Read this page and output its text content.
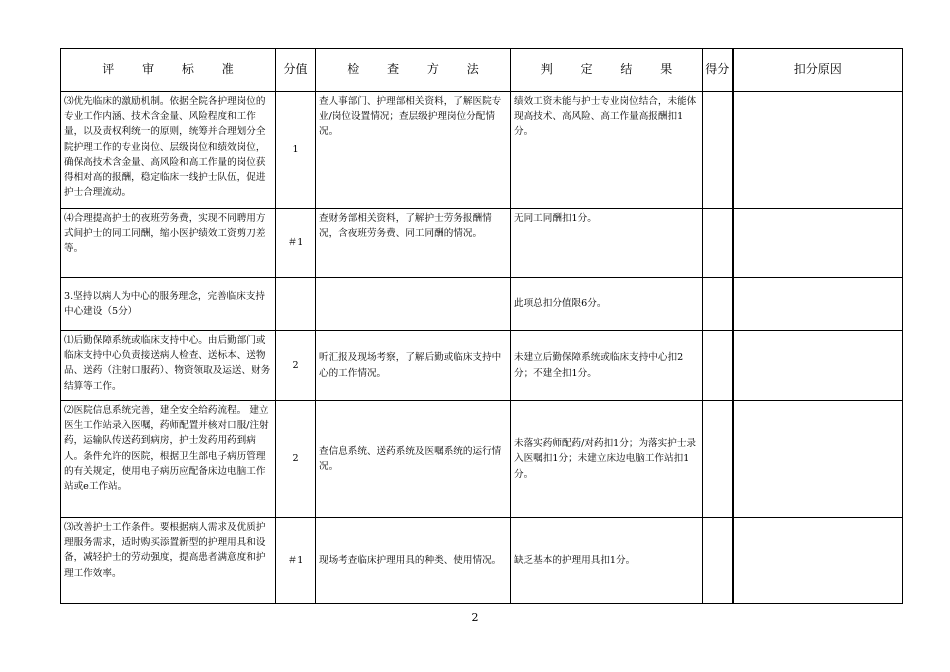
评 审 标 准	分值	检 查 方 法	判 定 结 果	得分	扣分原因
⑶优先临床的激励机制。依据全院各护理岗位的专业工作内涵、技术含金量、风险程度和工作量，以及责权利统一的原则，统筹并合理划分全院护理工作的专业岗位、层级岗位和绩效岗位，确保高技术含金量、高风险和高工作量的岗位获得相对高的报酬，稳定临床一线护士队伍，促进护士合理流动。	1	查人事部门、护理部相关资料，了解医院专业/岗位设置情况；查层级护理岗位分配情况。	绩效工资未能与护士专业岗位结合，未能体现高技术、高风险、高工作量高报酬扣1分。		
⑷合理提高护士的夜班劳务费，实现不同聘用方式间护士的同工同酬，缩小医护绩效工资剪刀差等。	＃1	查财务部相关资料，了解护士劳务报酬情况，含夜班劳务费、同工同酬的情况。	无同工同酬扣1分。		
3.坚持以病人为中心的服务理念，完善临床支持中心建设（5分）			此项总扣分值限6分。		
⑴后勤保障系统或临床支持中心。由后勤部门或临床支持中心负责接送病人检查、送标本、送物品、送药（注射口服药）、物资领取及运送、财务结算等工作。	2	听汇报及现场考察，了解后勤或临床支持中心的工作情况。	未建立后勤保障系统或临床支持中心扣2分；不建全扣1分。		
⑵医院信息系统完善，建全安全给药流程。 建立医生工作站录入医嘱，药师配置并核对口服/注射药，运输队传送药到病房，护士发药用药到病人。条件允许的医院，根据卫生部电子病历管理的有关规定，使用电子病历应配备床边电脑工作站或e工作站。	2	查信息系统、送药系统及医嘱系统的运行情况。	未落实药师配药/对药扣1分；为落实护士录入医嘱扣1分；未建立床边电脑工作站扣1分。		
⑶改善护士工作条件。要根据病人需求及优质护理服务需求，适时购买添置新型的护理用具和设备，减轻护士的劳动强度，提高患者满意度和护理工作效率。	＃1	现场考查临床护理用具的种类、使用情况。	缺乏基本的护理用具扣1分。		
2
